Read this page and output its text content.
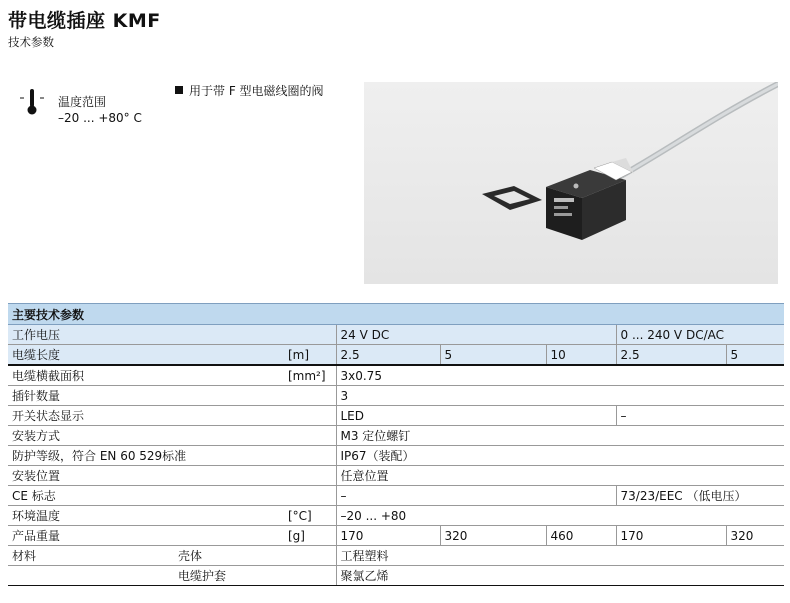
带电缆插座 KMF
技术参数
温度范围
–20 ... +80° C
用于带 F 型电磁线圈的阀
主要技术参数							
工作电压			24 V DC			0 ... 240 V DC/AC	
电缆长度		[m]	2.5	5	10	2.5	5
电缆横截面积		[mm²]	3x0.75				
插针数量			3				
开关状态显示			LED			–	
安装方式			M3 定位螺钉				
防护等级，符合 EN 60 529标准			IP67（装配）				
安装位置			任意位置				
CE 标志			–			73/23/EEC （低电压）	
环境温度		[°C]	–20 ... +80				
产品重量		[g]	170	320	460	170	320
材料	壳体		工程塑料				
	电缆护套		聚氯乙烯				
